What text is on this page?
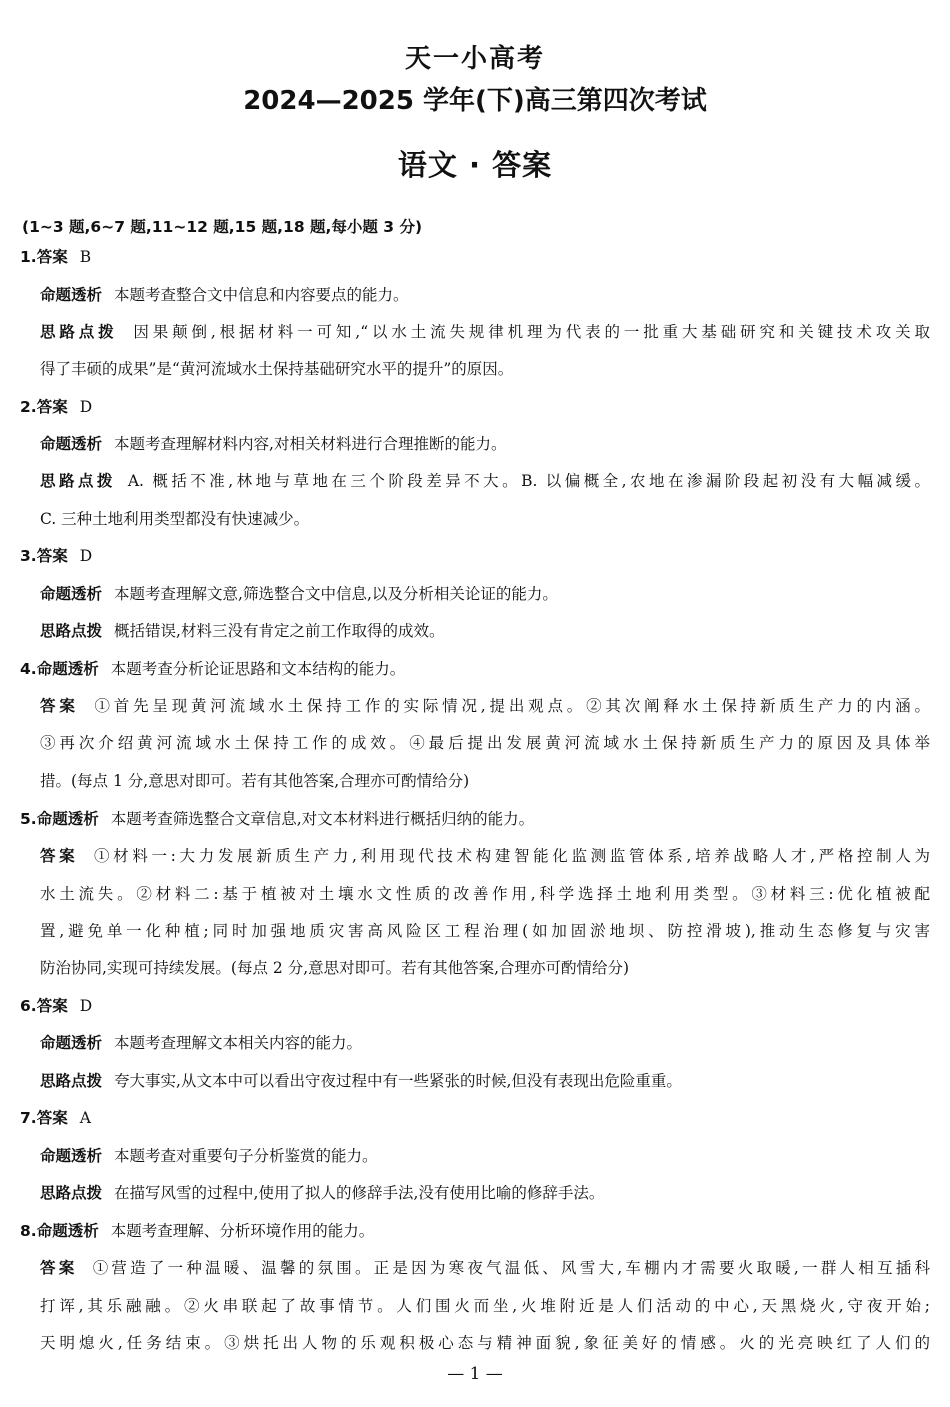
天一小高考
2024—2025 学年(下)高三第四次考试
语文 · 答案
(1~3 题,6~7 题,11~12 题,15 题,18 题,每小题 3 分)
1.答案 B
命题透析 本题考查整合文中信息和内容要点的能力。
思路点拨 因果颠倒,根据材料一可知,“以水土流失规律机理为代表的一批重大基础研究和关键技术攻关取
得了丰硕的成果”是“黄河流域水土保持基础研究水平的提升”的原因。
2.答案 D
命题透析 本题考查理解材料内容,对相关材料进行合理推断的能力。
思路点拨 A. 概括不准,林地与草地在三个阶段差异不大。B. 以偏概全,农地在渗漏阶段起初没有大幅减缓。
C. 三种土地利用类型都没有快速减少。
3.答案 D
命题透析 本题考查理解文意,筛选整合文中信息,以及分析相关论证的能力。
思路点拨 概括错误,材料三没有肯定之前工作取得的成效。
4.命题透析 本题考查分析论证思路和文本结构的能力。
答案 ①首先呈现黄河流域水土保持工作的实际情况,提出观点。②其次阐释水土保持新质生产力的内涵。
③再次介绍黄河流域水土保持工作的成效。④最后提出发展黄河流域水土保持新质生产力的原因及具体举
措。(每点 1 分,意思对即可。若有其他答案,合理亦可酌情给分)
5.命题透析 本题考查筛选整合文章信息,对文本材料进行概括归纳的能力。
答案 ①材料一:大力发展新质生产力,利用现代技术构建智能化监测监管体系,培养战略人才,严格控制人为
水土流失。②材料二:基于植被对土壤水文性质的改善作用,科学选择土地利用类型。③材料三:优化植被配
置,避免单一化种植;同时加强地质灾害高风险区工程治理(如加固淤地坝、防控滑坡),推动生态修复与灾害
防治协同,实现可持续发展。(每点 2 分,意思对即可。若有其他答案,合理亦可酌情给分)
6.答案 D
命题透析 本题考查理解文本相关内容的能力。
思路点拨 夸大事实,从文本中可以看出守夜过程中有一些紧张的时候,但没有表现出危险重重。
7.答案 A
命题透析 本题考查对重要句子分析鉴赏的能力。
思路点拨 在描写风雪的过程中,使用了拟人的修辞手法,没有使用比喻的修辞手法。
8.命题透析 本题考查理解、分析环境作用的能力。
答案 ①营造了一种温暖、温馨的氛围。正是因为寒夜气温低、风雪大,车棚内才需要火取暖,一群人相互插科
打诨,其乐融融。②火串联起了故事情节。人们围火而坐,火堆附近是人们活动的中心,天黑烧火,守夜开始;
天明熄火,任务结束。③烘托出人物的乐观积极心态与精神面貌,象征美好的情感。火的光亮映红了人们的
— 1 —
